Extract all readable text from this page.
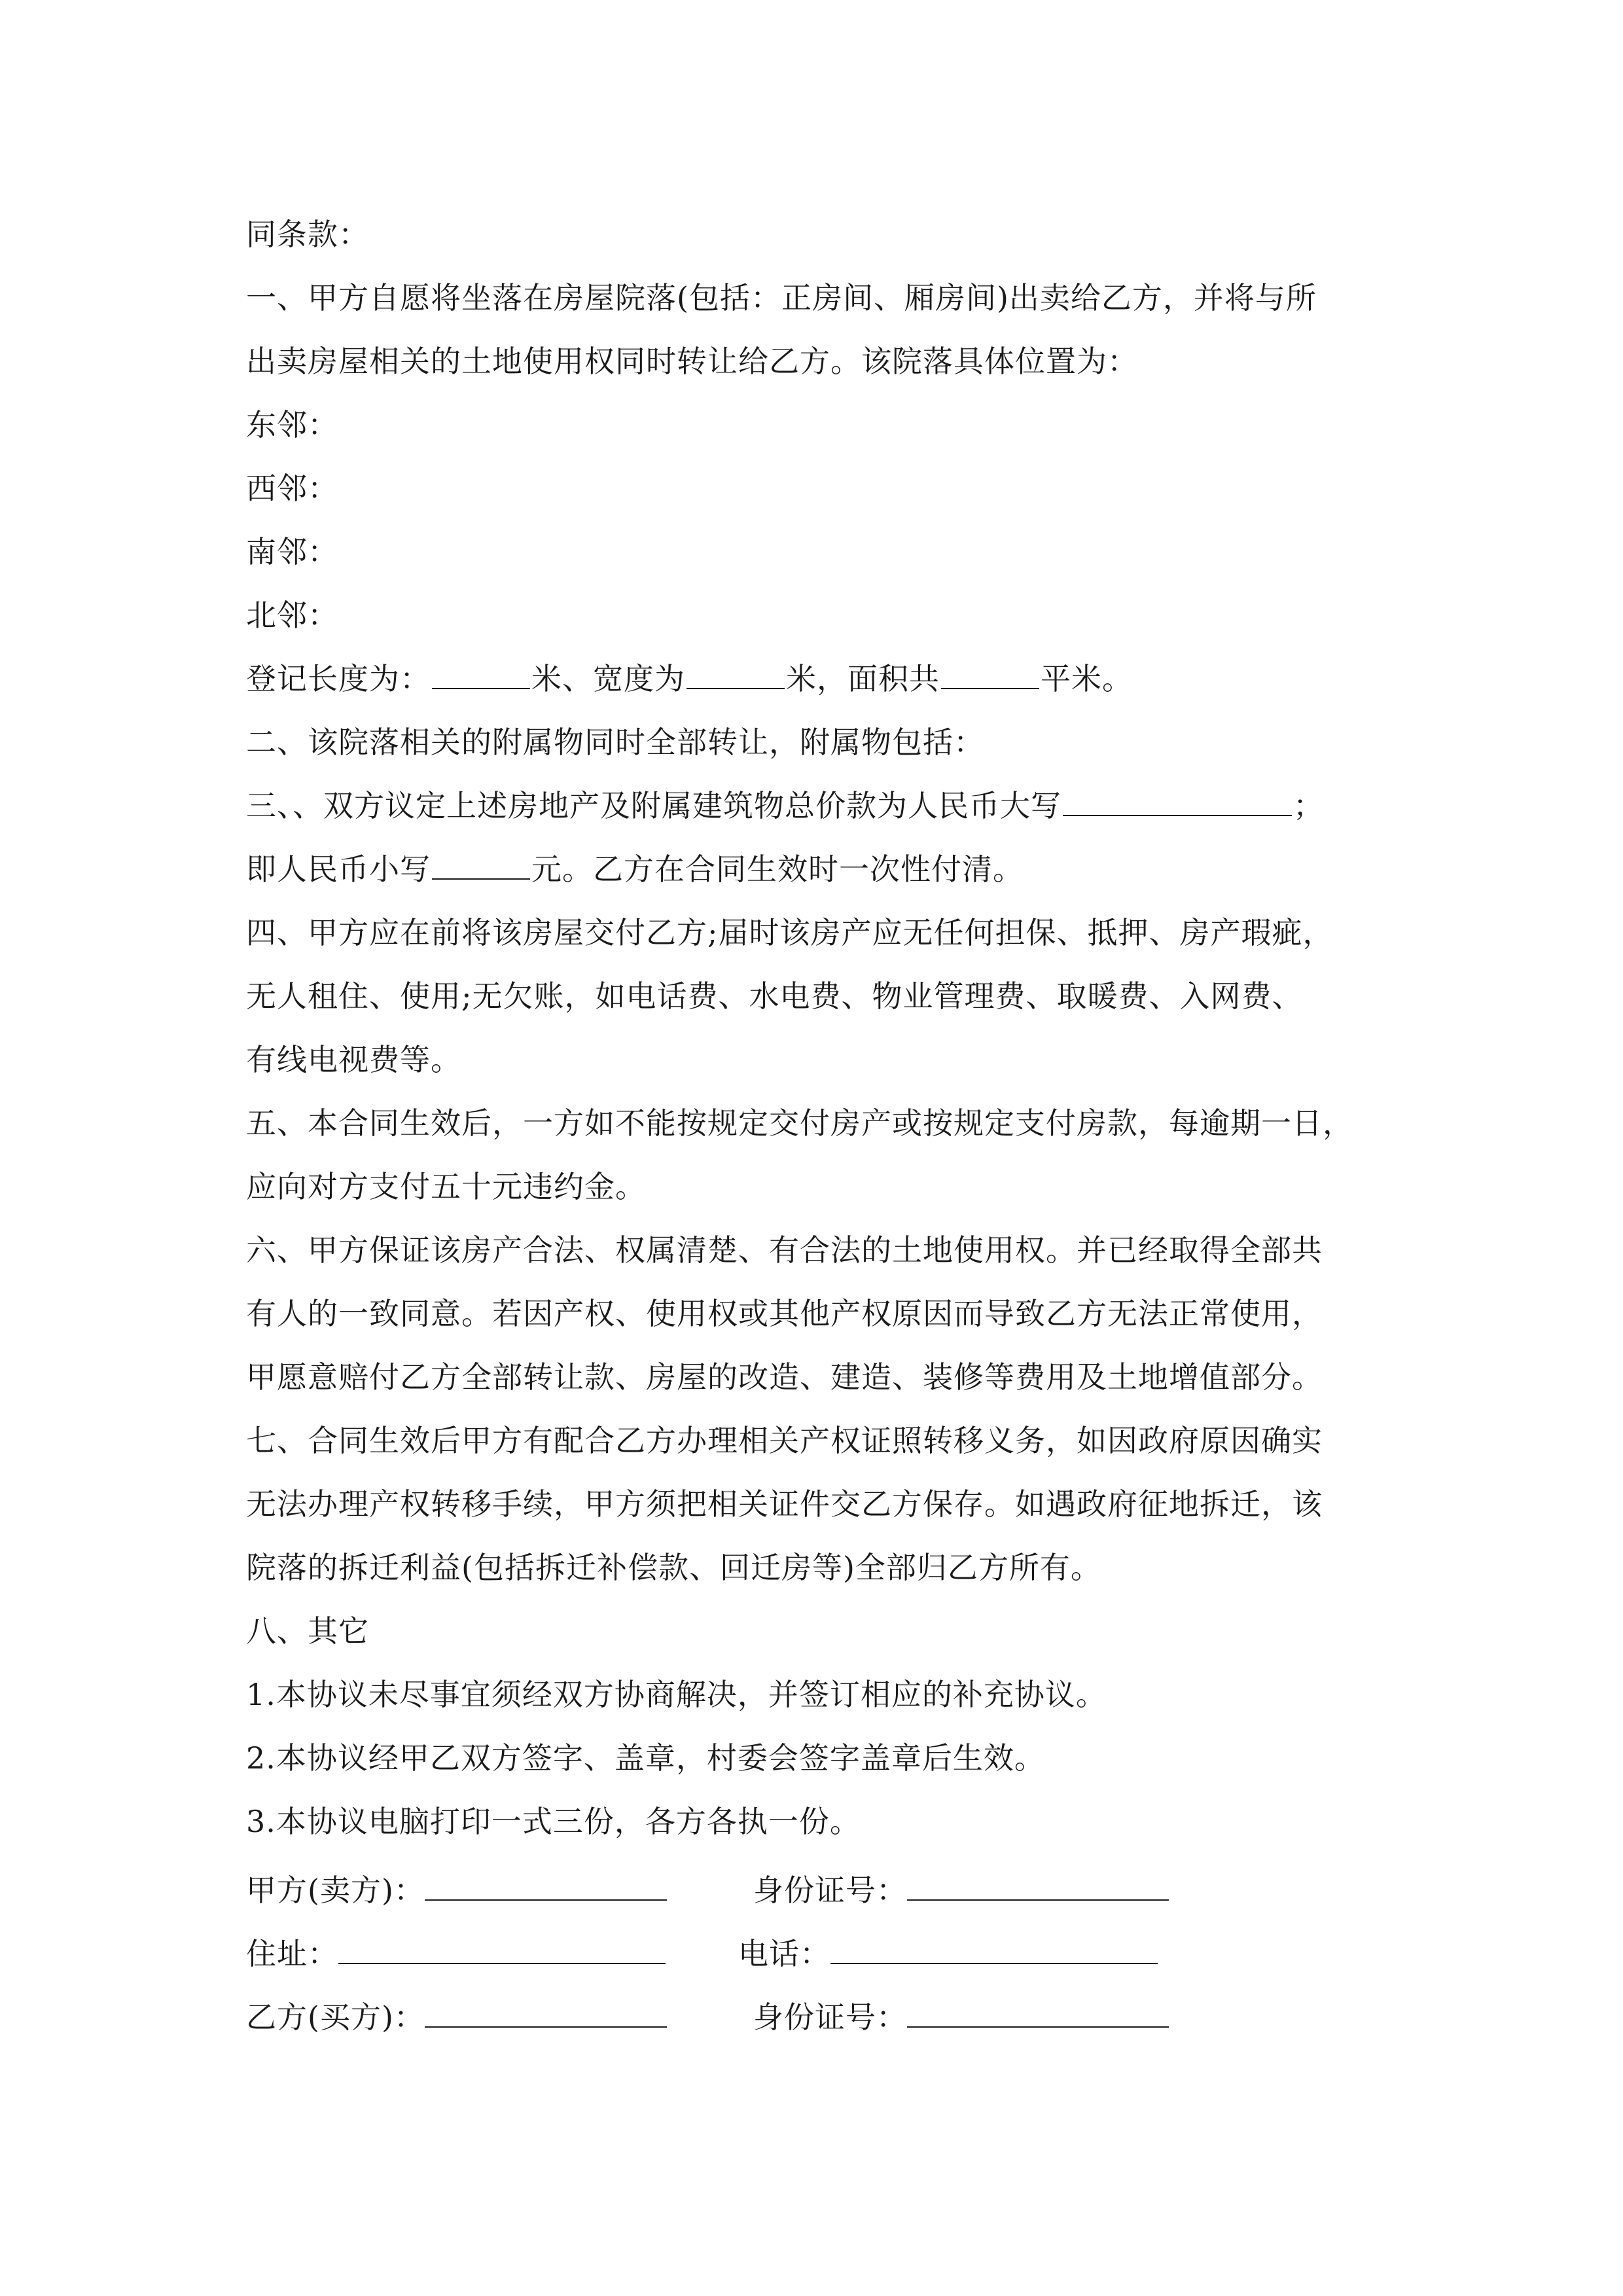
同条款：
一、甲方自愿将坐落在房屋院落(包括：正房间、厢房间)出卖给乙方，并将与所
出卖房屋相关的土地使用权同时转让给乙方。该院落具体位置为：
东邻：
西邻：
南邻：
北邻：
登记长度为：	米、宽度为	米，面积共	平米。
二、该院落相关的附属物同时全部转让，附属物包括：
三、、双方议定上述房地产及附属建筑物总价款为人民币大写	；
即人民币小写	元。乙方在合同生效时一次性付清。
四、甲方应在前将该房屋交付乙方;届时该房产应无任何担保、抵押、房产瑕疵，
无人租住、使用;无欠账，如电话费、水电费、物业管理费、取暖费、入网费、
有线电视费等。
五、本合同生效后，一方如不能按规定交付房产或按规定支付房款，每逾期一日，
应向对方支付五十元违约金。
六、甲方保证该房产合法、权属清楚、有合法的土地使用权。并已经取得全部共
有人的一致同意。若因产权、使用权或其他产权原因而导致乙方无法正常使用，
甲愿意赔付乙方全部转让款、房屋的改造、建造、装修等费用及土地增值部分。
七、合同生效后甲方有配合乙方办理相关产权证照转移义务，如因政府原因确实
无法办理产权转移手续，甲方须把相关证件交乙方保存。如遇政府征地拆迁，该
院落的拆迁利益(包括拆迁补偿款、回迁房等)全部归乙方所有。
八、其它
1.本协议未尽事宜须经双方协商解决，并签订相应的补充协议。
2.本协议经甲乙双方签字、盖章，村委会签字盖章后生效。
3.本协议电脑打印一式三份，各方各执一份。
甲方(卖方)：	身份证号：
住址：	电话：
乙方(买方)：	身份证号：
